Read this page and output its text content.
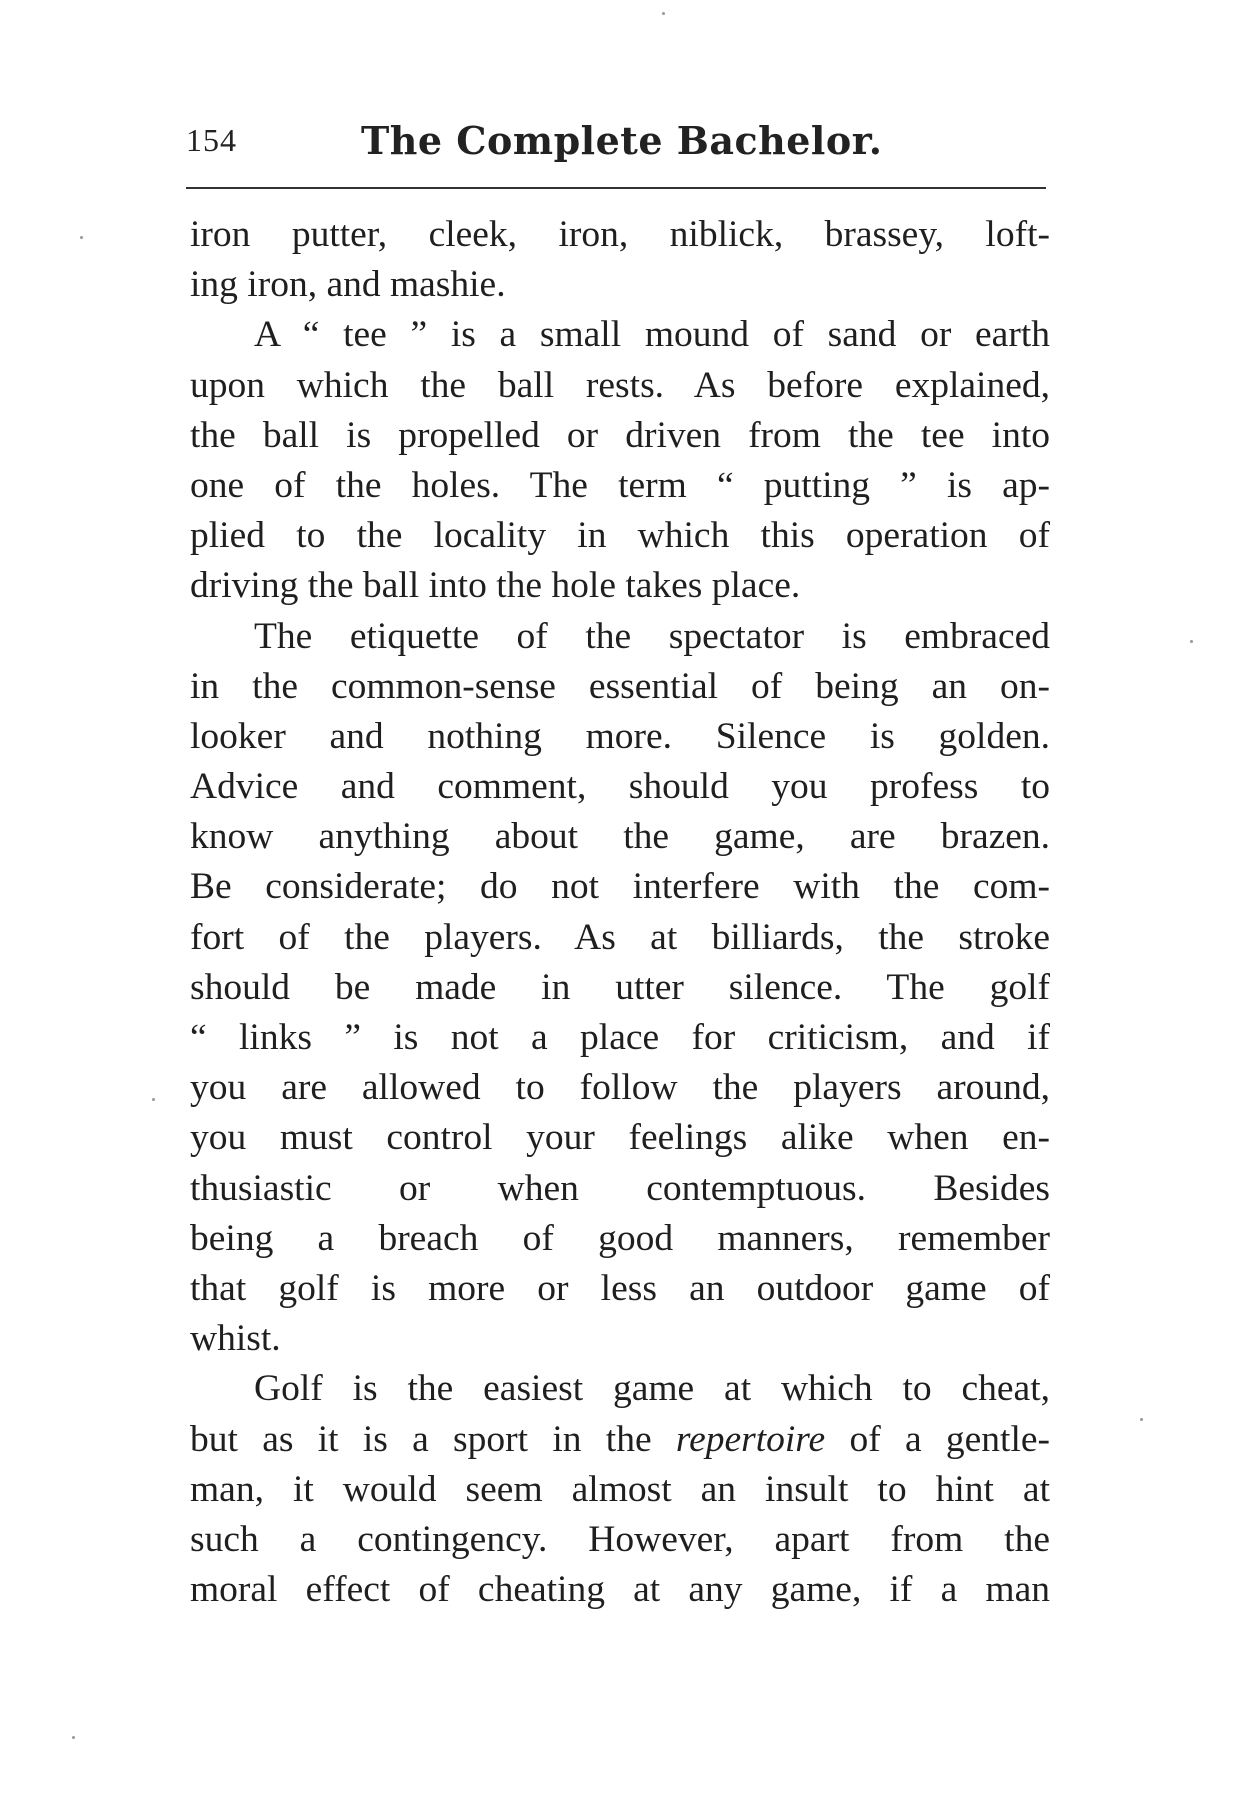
154	The Complete Bachelor.
iron putter, cleek, iron, niblick, brassey, loft-
ing iron, and mashie.
A “ tee ” is a small mound of sand or earth
upon which the ball rests. As before explained,
the ball is propelled or driven from the tee into
one of the holes. The term “ putting ” is ap-
plied to the locality in which this operation of
driving the ball into the hole takes place.
The etiquette of the spectator is embraced
in the common-sense essential of being an on-
looker and nothing more. Silence is golden.
Advice and comment, should you profess to
know anything about the game, are brazen.
Be considerate; do not interfere with the com-
fort of the players. As at billiards, the stroke
should be made in utter silence. The golf
“ links ” is not a place for criticism, and if
you are allowed to follow the players around,
you must control your feelings alike when en-
thusiastic or when contemptuous. Besides
being a breach of good manners, remember
that golf is more or less an outdoor game of
whist.
Golf is the easiest game at which to cheat,
but as it is a sport in the repertoire of a gentle-
man, it would seem almost an insult to hint at
such a contingency. However, apart from the
moral effect of cheating at any game, if a man
